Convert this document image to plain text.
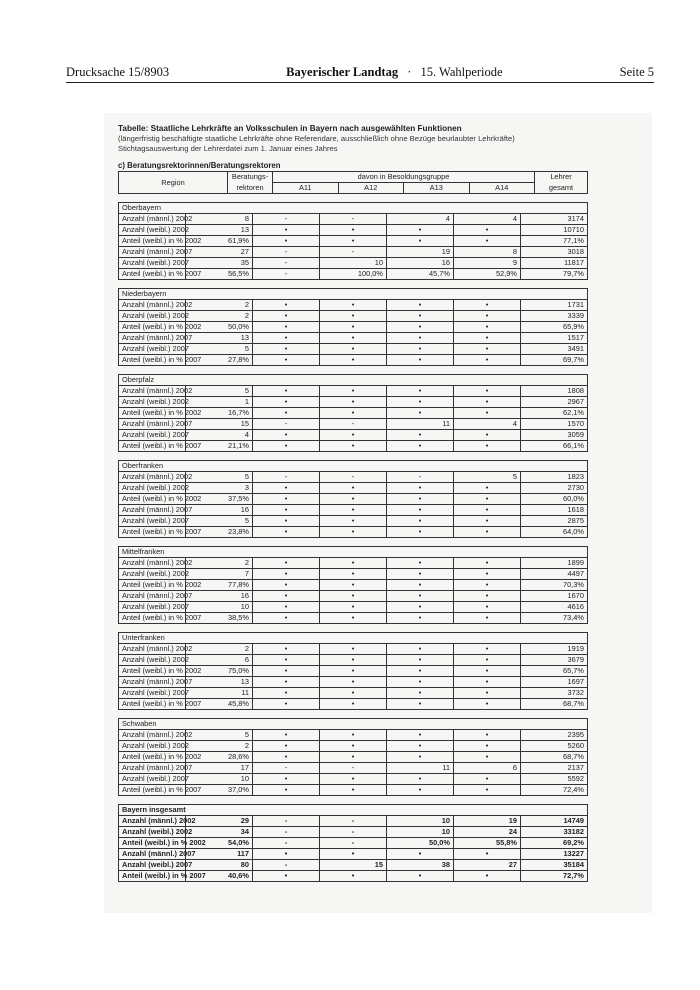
Drucksache 15/8903	Bayerischer Landtag · 15. Wahlperiode	Seite 5
Tabelle: Staatliche Lehrkräfte an Volksschulen in Bayern nach ausgewählten Funktionen
(längerfristig beschäftigte staatliche Lehrkräfte ohne Referendare, ausschließlich ohne Bezüge beurlaubter Lehrkräfte)
Stichtagsauswertung der Lehrerdatei zum 1. Januar eines Jahres
c) Beratungsrektorinnen/Beratungsrektoren
Region	Beratungs-	davon in Besoldungsgruppe				Lehrer
	rektoren	A11	A12	A13	A14	gesamt
Oberbayern						
Anzahl (männl.) 2002	8	-	-	4	4	3174
Anzahl (weibl.) 2002	13	•	•	•	•	10710
Anteil (weibl.) in % 2002	61,9%	•	•	•	•	77,1%
Anzahl (männl.) 2007	27	-	-	19	8	3018
Anzahl (weibl.) 2007	35	-	10	16	9	11817
Anteil (weibl.) in % 2007	56,5%	-	100,0%	45,7%	52,9%	79,7%
Niederbayern						
Anzahl (männl.) 2002	2	•	•	•	•	1731
Anzahl (weibl.) 2002	2	•	•	•	•	3339
Anteil (weibl.) in % 2002	50,0%	•	•	•	•	65,9%
Anzahl (männl.) 2007	13	•	•	•	•	1517
Anzahl (weibl.) 2007	5	•	•	•	•	3491
Anteil (weibl.) in % 2007	27,8%	•	•	•	•	69,7%
Oberpfalz						
Anzahl (männl.) 2002	5	•	•	•	•	1808
Anzahl (weibl.) 2002	1	•	•	•	•	2967
Anteil (weibl.) in % 2002	16,7%	•	•	•	•	62,1%
Anzahl (männl.) 2007	15	-	-	11	4	1570
Anzahl (weibl.) 2007	4	•	•	•	•	3059
Anteil (weibl.) in % 2007	21,1%	•	•	•	•	66,1%
Oberfranken						
Anzahl (männl.) 2002	5	-	-	-	5	1823
Anzahl (weibl.) 2002	3	•	•	•	•	2730
Anteil (weibl.) in % 2002	37,5%	•	•	•	•	60,0%
Anzahl (männl.) 2007	16	•	•	•	•	1618
Anzahl (weibl.) 2007	5	•	•	•	•	2875
Anteil (weibl.) in % 2007	23,8%	•	•	•	•	64,0%
Mittelfranken						
Anzahl (männl.) 2002	2	•	•	•	•	1899
Anzahl (weibl.) 2002	7	•	•	•	•	4497
Anteil (weibl.) in % 2002	77,8%	•	•	•	•	70,3%
Anzahl (männl.) 2007	16	•	•	•	•	1670
Anzahl (weibl.) 2007	10	•	•	•	•	4616
Anteil (weibl.) in % 2007	38,5%	•	•	•	•	73,4%
Unterfranken						
Anzahl (männl.) 2002	2	•	•	•	•	1919
Anzahl (weibl.) 2002	6	•	•	•	•	3679
Anteil (weibl.) in % 2002	75,0%	•	•	•	•	65,7%
Anzahl (männl.) 2007	13	•	•	•	•	1697
Anzahl (weibl.) 2007	11	•	•	•	•	3732
Anteil (weibl.) in % 2007	45,8%	•	•	•	•	68,7%
Schwaben						
Anzahl (männl.) 2002	5	•	•	•	•	2395
Anzahl (weibl.) 2002	2	•	•	•	•	5260
Anteil (weibl.) in % 2002	28,6%	•	•	•	•	68,7%
Anzahl (männl.) 2007	17	-	-	11	6	2137
Anzahl (weibl.) 2007	10	•	•	•	•	5592
Anteil (weibl.) in % 2007	37,0%	•	•	•	•	72,4%
Bayern insgesamt						
Anzahl (männl.) 2002	29	-	-	10	19	14749
Anzahl (weibl.) 2002	34	-	-	10	24	33182
Anteil (weibl.) in % 2002	54,0%	-	-	50,0%	55,8%	69,2%
Anzahl (männl.) 2007	117	•	•	•	•	13227
Anzahl (weibl.) 2007	80	-	15	38	27	35184
Anteil (weibl.) in % 2007	40,6%	•	•	•	•	72,7%
